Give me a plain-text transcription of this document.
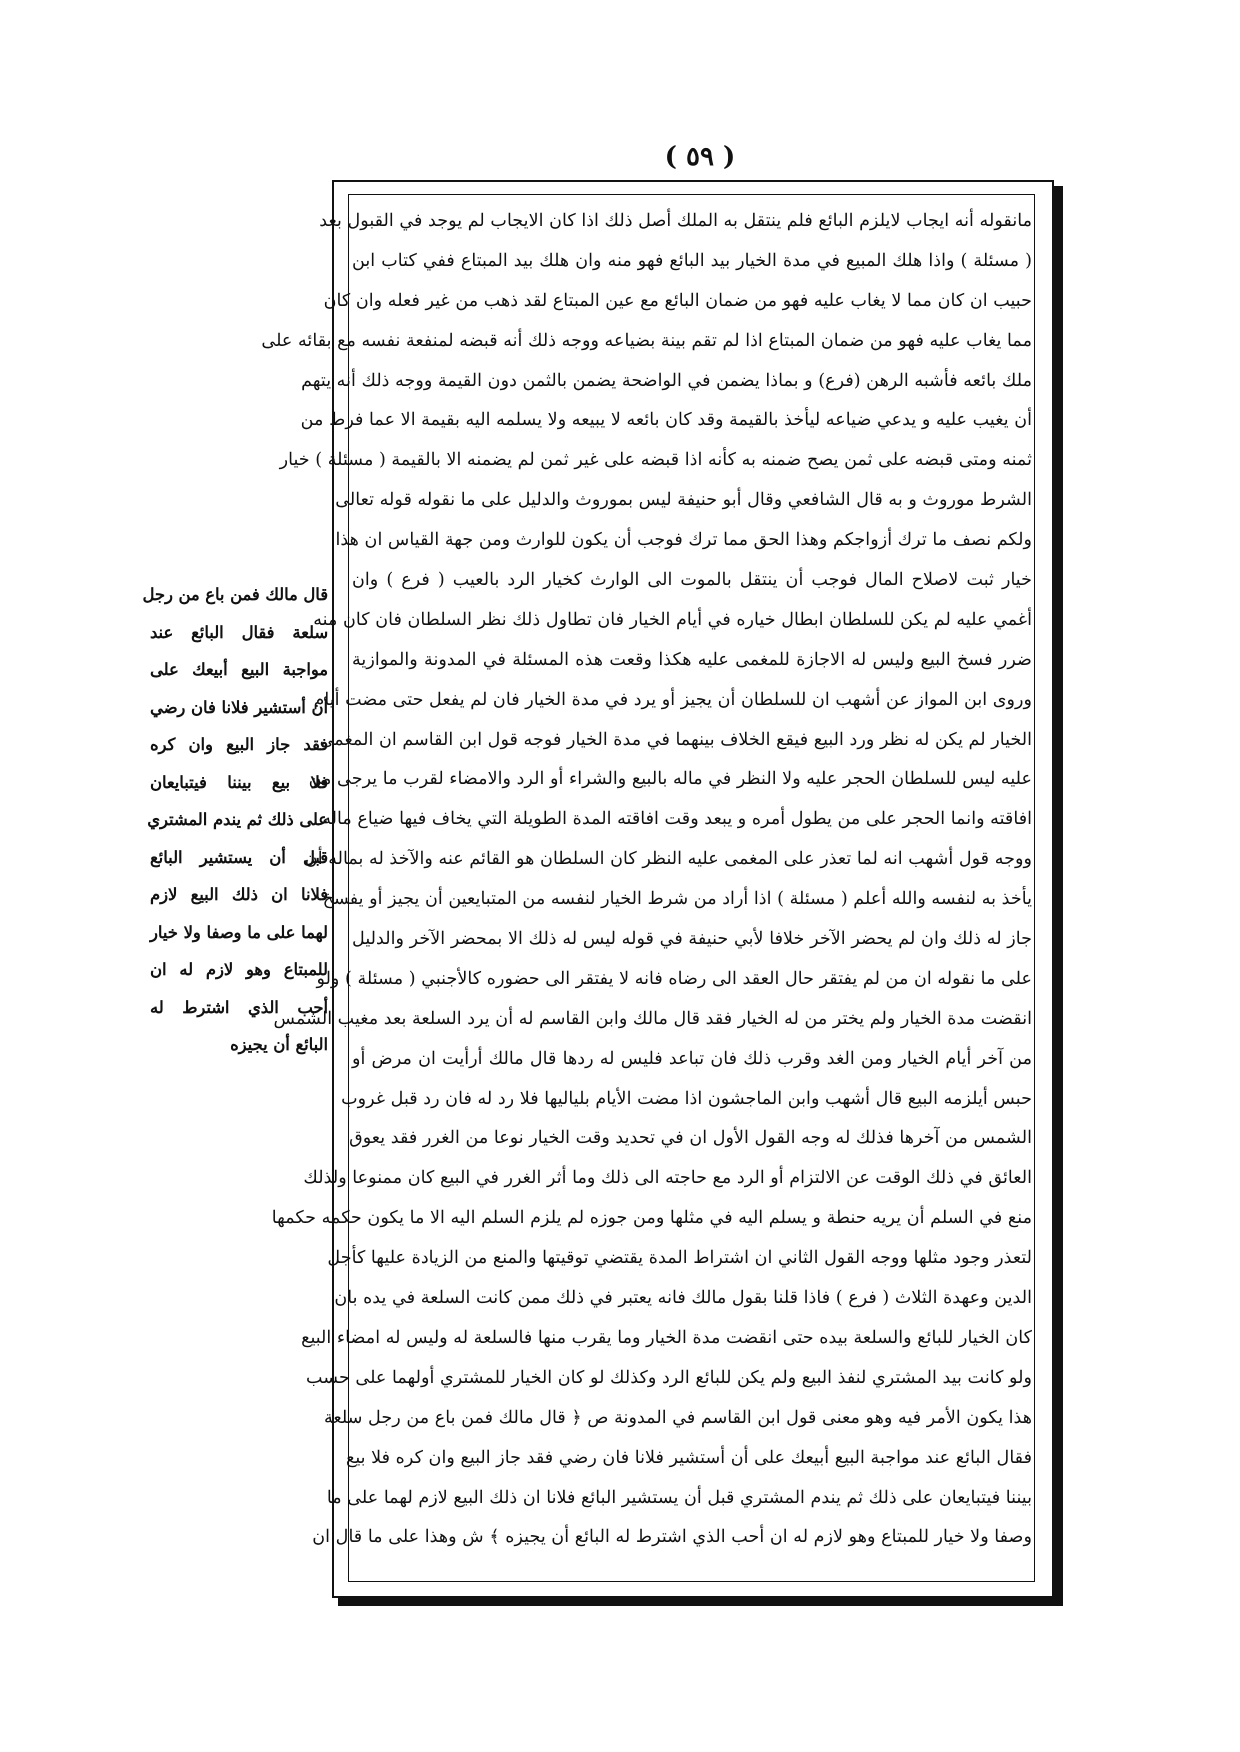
( ٥٩ )
مانقوله أنه ايجاب لايلزم البائع فلم ينتقل به الملك أصل ذلك اذا كان الايجاب لم يوجد في القبول بعد
( مسئلة ) واذا هلك المبيع في مدة الخيار بيد البائع فهو منه وان هلك بيد المبتاع ففي كتاب ابن
حبيب ان كان مما لا يغاب عليه فهو من ضمان البائع مع عين المبتاع لقد ذهب من غير فعله وان كان
مما يغاب عليه فهو من ضمان المبتاع اذا لم تقم بينة بضياعه ووجه ذلك أنه قبضه لمنفعة نفسه مع بقائه على
ملك بائعه فأشبه الرهن (فرع) و بماذا يضمن في الواضحة يضمن بالثمن دون القيمة ووجه ذلك أنه يتهم
أن يغيب عليه و يدعي ضياعه ليأخذ بالقيمة وقد كان بائعه لا يبيعه ولا يسلمه اليه بقيمة الا عما فرط من
ثمنه ومتى قبضه على ثمن يصح ضمنه به كأنه اذا قبضه على غير ثمن لم يضمنه الا بالقيمة ( مسئلة ) خيار
الشرط موروث و به قال الشافعي وقال أبو حنيفة ليس بموروث والدليل على ما نقوله قوله تعالى
ولكم نصف ما ترك أزواجكم وهذا الحق مما ترك فوجب أن يكون للوارث ومن جهة القياس ان هذا
خيار ثبت لاصلاح المال فوجب أن ينتقل بالموت الى الوارث كخيار الرد بالعيب ( فرع ) وان
أغمي عليه لم يكن للسلطان ابطال خياره في أيام الخيار فان تطاول ذلك نظر السلطان فان كان منه
ضرر فسخ البيع وليس له الاجازة للمغمى عليه هكذا وقعت هذه المسئلة في المدونة والموازية
وروى ابن المواز عن أشهب ان للسلطان أن يجيز أو يرد في مدة الخيار فان لم يفعل حتى مضت أيام
الخيار لم يكن له نظر ورد البيع فيقع الخلاف بينهما في مدة الخيار فوجه قول ابن القاسم ان المغمى
عليه ليس للسلطان الحجر عليه ولا النظر في ماله بالبيع والشراء أو الرد والامضاء لقرب ما يرجى من
افاقته وانما الحجر على من يطول أمره و يبعد وقت افاقته المدة الطويلة التي يخاف فيها ضياع ماله
ووجه قول أشهب انه لما تعذر على المغمى عليه النظر كان السلطان هو القائم عنه والآخذ له بماله أن
يأخذ به لنفسه والله أعلم ( مسئلة ) اذا أراد من شرط الخيار لنفسه من المتبايعين أن يجيز أو يفسخ
جاز له ذلك وان لم يحضر الآخر خلافا لأبي حنيفة في قوله ليس له ذلك الا بمحضر الآخر والدليل
على ما نقوله ان من لم يفتقر حال العقد الى رضاه فانه لا يفتقر الى حضوره كالأجنبي ( مسئلة ) ولو
انقضت مدة الخيار ولم يختر من له الخيار فقد قال مالك وابن القاسم له أن يرد السلعة بعد مغيب الشمس
من آخر أيام الخيار ومن الغد وقرب ذلك فان تباعد فليس له ردها قال مالك أرأيت ان مرض أو
حبس أيلزمه البيع قال أشهب وابن الماجشون اذا مضت الأيام بلياليها فلا رد له فان رد قبل غروب
الشمس من آخرها فذلك له وجه القول الأول ان في تحديد وقت الخيار نوعا من الغرر فقد يعوق
العائق في ذلك الوقت عن الالتزام أو الرد مع حاجته الى ذلك وما أثر الغرر في البيع كان ممنوعا ولذلك
منع في السلم أن يريه حنطة و يسلم اليه في مثلها ومن جوزه لم يلزم السلم اليه الا ما يكون حكمه حكمها
لتعذر وجود مثلها ووجه القول الثاني ان اشتراط المدة يقتضي توقيتها والمنع من الزيادة عليها كأجل
الدين وعهدة الثلاث ( فرع ) فاذا قلنا بقول مالك فانه يعتبر في ذلك ممن كانت السلعة في يده بان
كان الخيار للبائع والسلعة بيده حتى انقضت مدة الخيار وما يقرب منها فالسلعة له وليس له امضاء البيع
ولو كانت بيد المشتري لنفذ البيع ولم يكن للبائع الرد وكذلك لو كان الخيار للمشتري أولهما على حسب
هذا يكون الأمر فيه وهو معنى قول ابن القاسم في المدونة ص ﴿ قال مالك فمن باع من رجل سلعة
فقال البائع عند مواجبة البيع أبيعك على أن أستشير فلانا فان رضي فقد جاز البيع وان كره فلا بيع
بيننا فيتبايعان على ذلك ثم يندم المشتري قبل أن يستشير البائع فلانا ان ذلك البيع لازم لهما على ما
وصفا ولا خيار للمبتاع وهو لازم له ان أحب الذي اشترط له البائع أن يجيزه ﴾ ش وهذا على ما قال ان
قال مالك فمن باع من رجل
سلعة فقال البائع عند
مواجبة البيع أبيعك على
أن أستشير فلانا فان رضي
فقد جاز البيع وان كره
فلا بيع بيننا فيتبايعان
على ذلك ثم يندم المشتري
قبل أن يستشير البائع
فلانا ان ذلك البيع لازم
لهما على ما وصفا ولا خيار
للمبتاع وهو لازم له ان
أحب الذي اشترط له
البائع أن يجيزه
